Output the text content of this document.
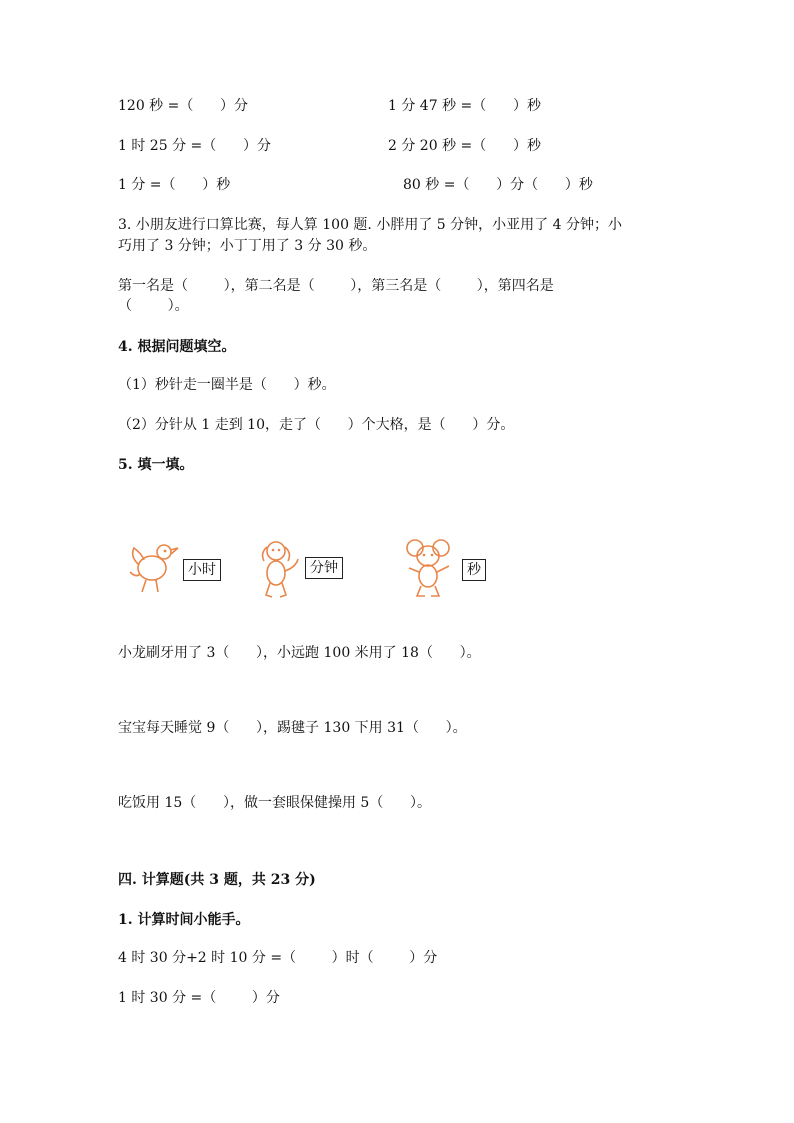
120 秒 =（      ）分	1 分 47 秒 =（      ）秒
1 时 25 分 =（      ）分	2 分 20 秒 =（      ）秒
1 分 =（      ）秒	80 秒 =（      ）分（      ）秒
3. 小朋友进行口算比赛，每人算 100 题. 小胖用了 5 分钟，小亚用了 4 分钟；小
巧用了 3 分钟；小丁丁用了 3 分 30 秒。
第一名是（        ），第二名是（        ），第三名是（        ），第四名是
（        ）。
4. 根据问题填空。
（1）秒针走一圈半是（      ）秒。
（2）分针从 1 走到 10，走了（      ）个大格，是（      ）分。
5. 填一填。
小时	分钟	秒
小龙刷牙用了 3（      ），小远跑 100 米用了 18（      ）。
宝宝每天睡觉 9（      ），踢毽子 130 下用 31（      ）。
吃饭用 15（      ），做一套眼保健操用 5（      ）。
四. 计算题(共 3 题，共 23 分)
1. 计算时间小能手。
4 时 30 分+2 时 10 分 =（        ）时（        ）分
1 时 30 分 =（        ）分
